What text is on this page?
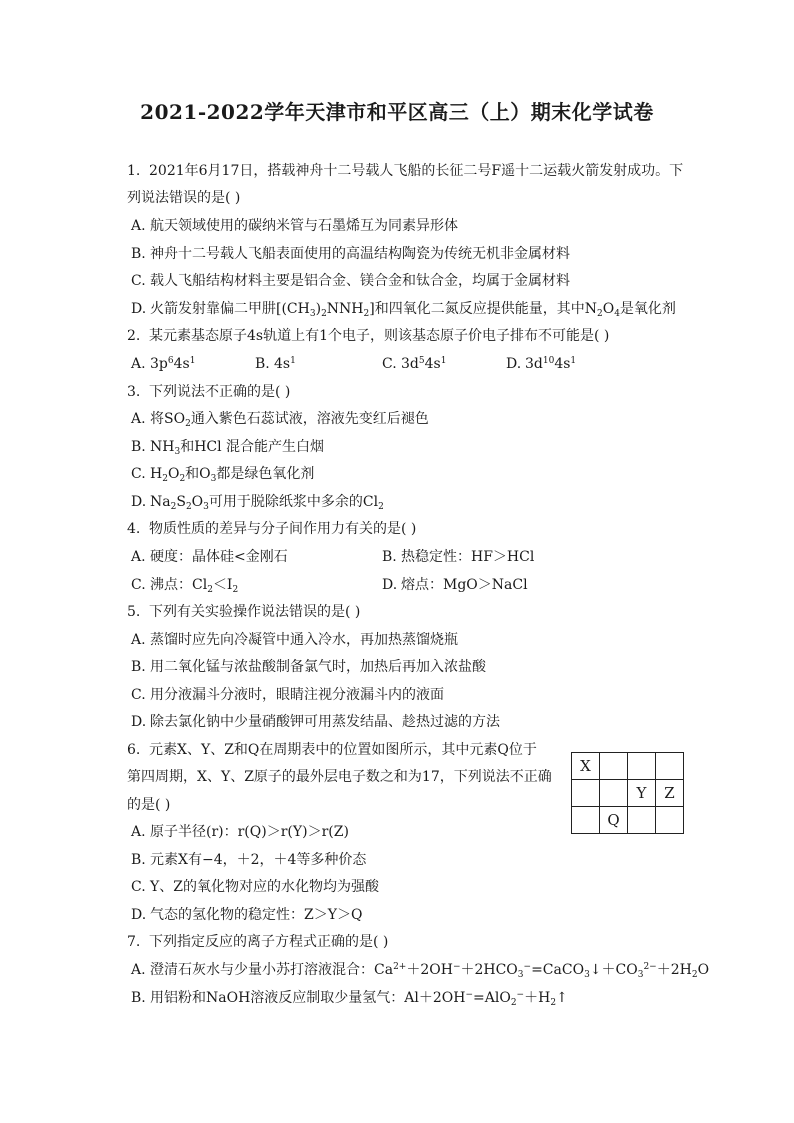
2021-2022学年天津市和平区高三（上）期末化学试卷
1. 2021年6月17日，搭载神舟十二号载人飞船的长征二号F遥十二运载火箭发射成功。下
列说法错误的是( )
A. 航天领域使用的碳纳米管与石墨烯互为同素异形体
B. 神舟十二号载人飞船表面使用的高温结构陶瓷为传统无机非金属材料
C. 载人飞船结构材料主要是铝合金、镁合金和钛合金，均属于金属材料
D. 火箭发射靠偏二甲肼$[(CH_3)_2NNH_2]$和四氧化二氮反应提供能量，其中$N_2O_4$是氧化剂
2. 某元素基态原子4s轨道上有1个电子，则该基态原子价电子排布不可能是( )
A. $3p^64s^1$	B. $4s^1$	C. $3d^54s^1$	D. $3d^{10}4s^1$
3. 下列说法不正确的是( )
A. 将$SO_2$通入紫色石蕊试液，溶液先变红后褪色
B. $NH_3$和HCl 混合能产生白烟
C. $H_2O_2$和$O_3$都是绿色氧化剂
D. $Na_2S_2O_3$可用于脱除纸浆中多余的$Cl_2$
4. 物质性质的差异与分子间作用力有关的是( )
A. 硬度：晶体硅<金刚石	B. 热稳定性：HF＞HCl
C. 沸点：$Cl_2<I_2$	D. 熔点：MgO＞NaCl
5. 下列有关实验操作说法错误的是( )
A. 蒸馏时应先向冷凝管中通入冷水，再加热蒸馏烧瓶
B. 用二氧化锰与浓盐酸制备氯气时，加热后再加入浓盐酸
C. 用分液漏斗分液时，眼睛注视分液漏斗内的液面
D. 除去氯化钠中少量硝酸钾可用蒸发结晶、趁热过滤的方法
6. 元素X、Y、Z和Q在周期表中的位置如图所示，其中元素Q位于
第四周期，X、Y、Z原子的最外层电子数之和为17，下列说法不正确
的是( )
X			
		Y	Z
	Q		
A. 原子半径(r)：r(Q)＞r(Y)＞r(Z)
B. 元素X有−4，＋2，＋4等多种价态
C. Y、Z的氧化物对应的水化物均为强酸
D. 气态的氢化物的稳定性：Z＞Y＞Q
7. 下列指定反应的离子方程式正确的是( )
A. 澄清石灰水与少量小苏打溶液混合：$Ca^{2+}+2OH^-+2HCO_3^-=CaCO_3↓+CO_3^{2-}+2H_2O$
B. 用铝粉和NaOH溶液反应制取少量氢气：$Al+2OH^-=AlO_2^-+H_2↑$
